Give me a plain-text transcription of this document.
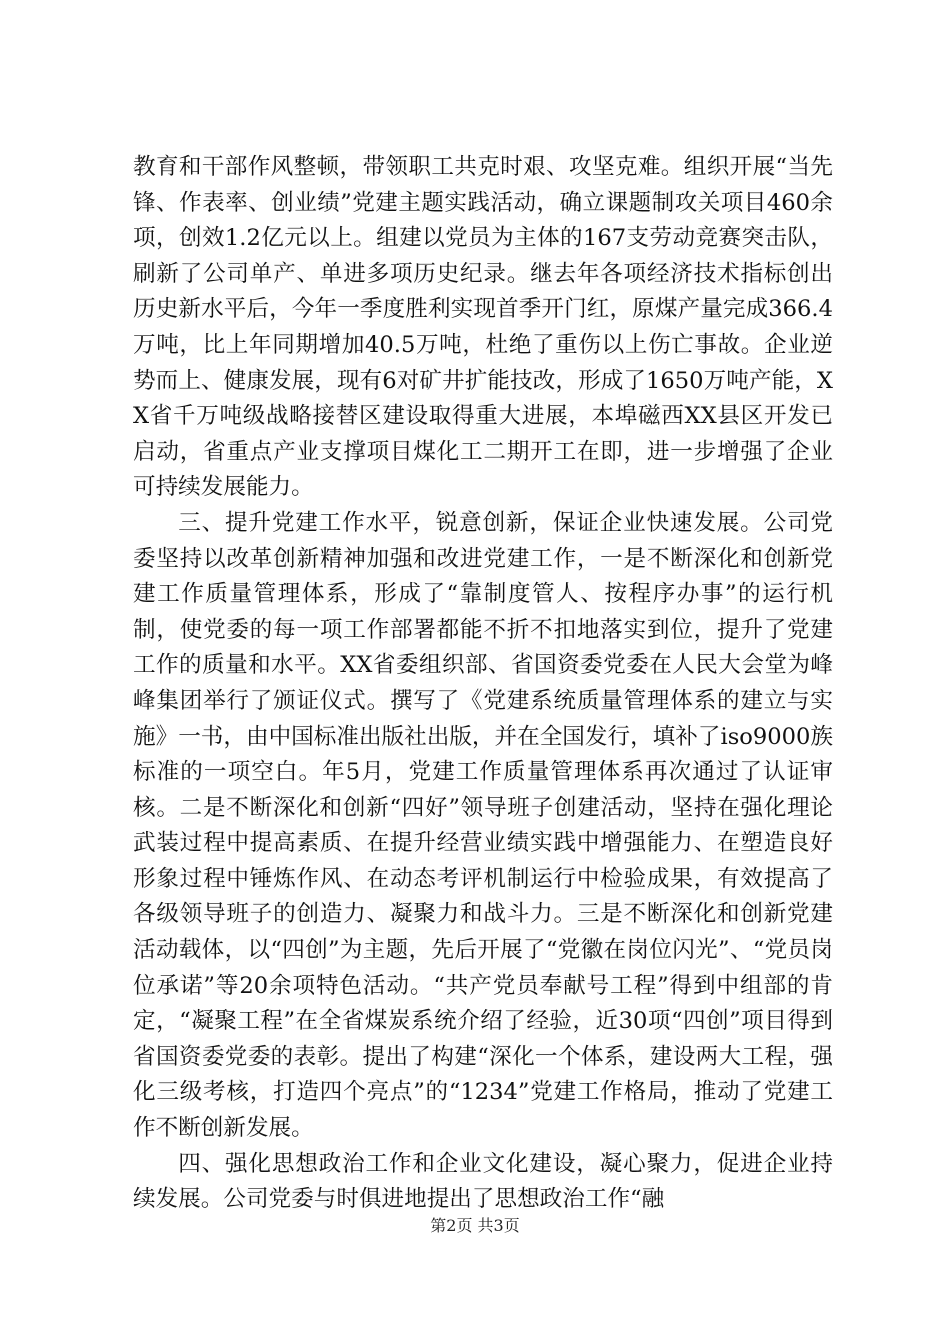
教育和干部作风整顿，带领职工共克时艰、攻坚克难。组织开展“当先锋、作表率、创业绩”党建主题实践活动，确立课题制攻关项目460余项，创效1.2亿元以上。组建以党员为主体的167支劳动竞赛突击队，刷新了公司单产、单进多项历史纪录。继去年各项经济技术指标创出历史新水平后，今年一季度胜利实现首季开门红，原煤产量完成366.4万吨，比上年同期增加40.5万吨，杜绝了重伤以上伤亡事故。企业逆势而上、健康发展，现有6对矿井扩能技改，形成了1650万吨产能，XX省千万吨级战略接替区建设取得重大进展，本埠磁西XX县区开发已启动，省重点产业支撑项目煤化工二期开工在即，进一步增强了企业可持续发展能力。

三、提升党建工作水平，锐意创新，保证企业快速发展。公司党委坚持以改革创新精神加强和改进党建工作，一是不断深化和创新党建工作质量管理体系，形成了“靠制度管人、按程序办事”的运行机制，使党委的每一项工作部署都能不折不扣地落实到位，提升了党建工作的质量和水平。XX省委组织部、省国资委党委在人民大会堂为峰峰集团举行了颁证仪式。撰写了《党建系统质量管理体系的建立与实施》一书，由中国标准出版社出版，并在全国发行，填补了iso9000族标准的一项空白。年5月，党建工作质量管理体系再次通过了认证审核。二是不断深化和创新“四好”领导班子创建活动，坚持在强化理论武装过程中提高素质、在提升经营业绩实践中增强能力、在塑造良好形象过程中锤炼作风、在动态考评机制运行中检验成果，有效提高了各级领导班子的创造力、凝聚力和战斗力。三是不断深化和创新党建活动载体，以“四创”为主题，先后开展了“党徽在岗位闪光”、“党员岗位承诺”等20余项特色活动。“共产党员奉献号工程”得到中组部的肯定，“凝聚工程”在全省煤炭系统介绍了经验，近30项“四创”项目得到省国资委党委的表彰。提出了构建“深化一个体系，建设两大工程，强化三级考核，打造四个亮点”的“1234”党建工作格局，推动了党建工作不断创新发展。

四、强化思想政治工作和企业文化建设，凝心聚力，促进企业持续发展。公司党委与时俱进地提出了思想政治工作“融

第2页 共3页
